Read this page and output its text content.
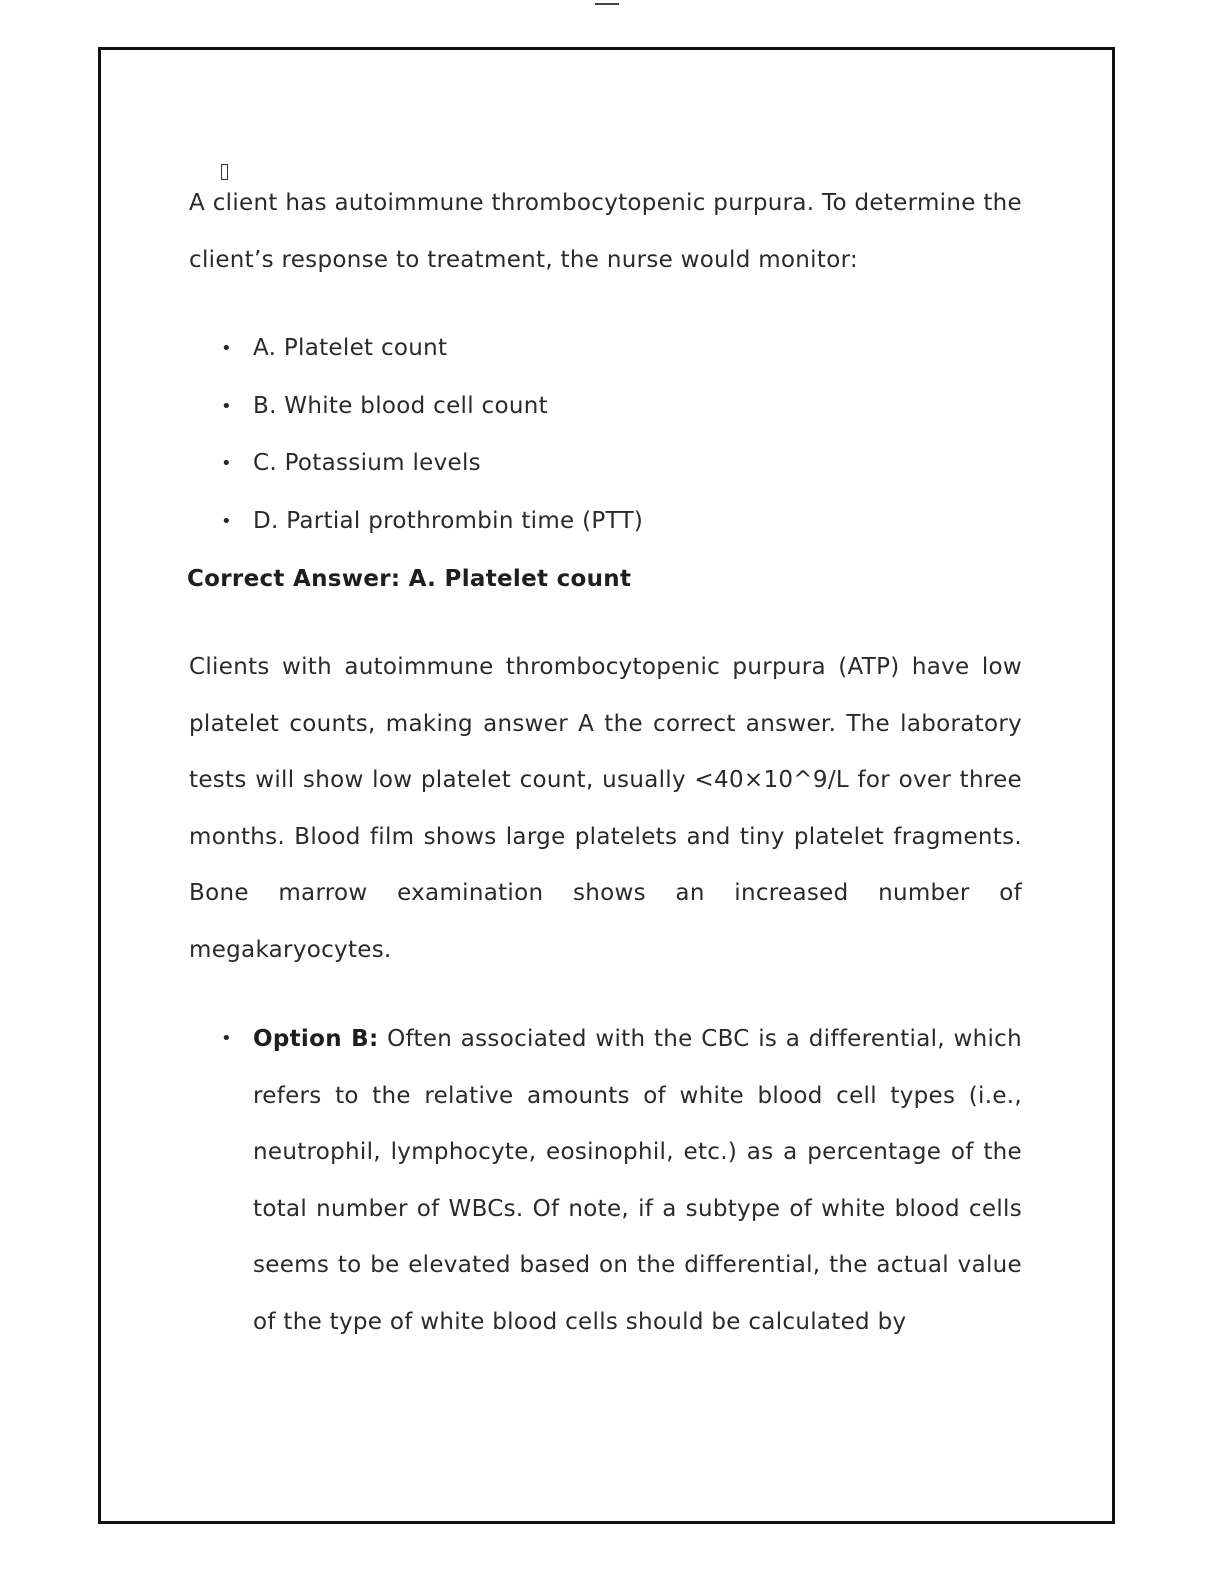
A client has autoimmune thrombocytopenic purpura. To determine the client’s response to treatment, the nurse would monitor:
• A. Platelet count
• B. White blood cell count
• C. Potassium levels
• D. Partial prothrombin time (PTT)
Correct Answer: A. Platelet count
Clients with autoimmune thrombocytopenic purpura (ATP) have low platelet counts, making answer A the correct answer. The laboratory tests will show low platelet count, usually <40×10^9/L for over three months. Blood film shows large platelets and tiny platelet fragments. Bone marrow examination shows an increased number of megakaryocytes.
• Option B: Often associated with the CBC is a differential, which refers to the relative amounts of white blood cell types (i.e., neutrophil, lymphocyte, eosinophil, etc.) as a percentage of the total number of WBCs. Of note, if a subtype of white blood cells seems to be elevated based on the differential, the actual value of the type of white blood cells should be calculated by
